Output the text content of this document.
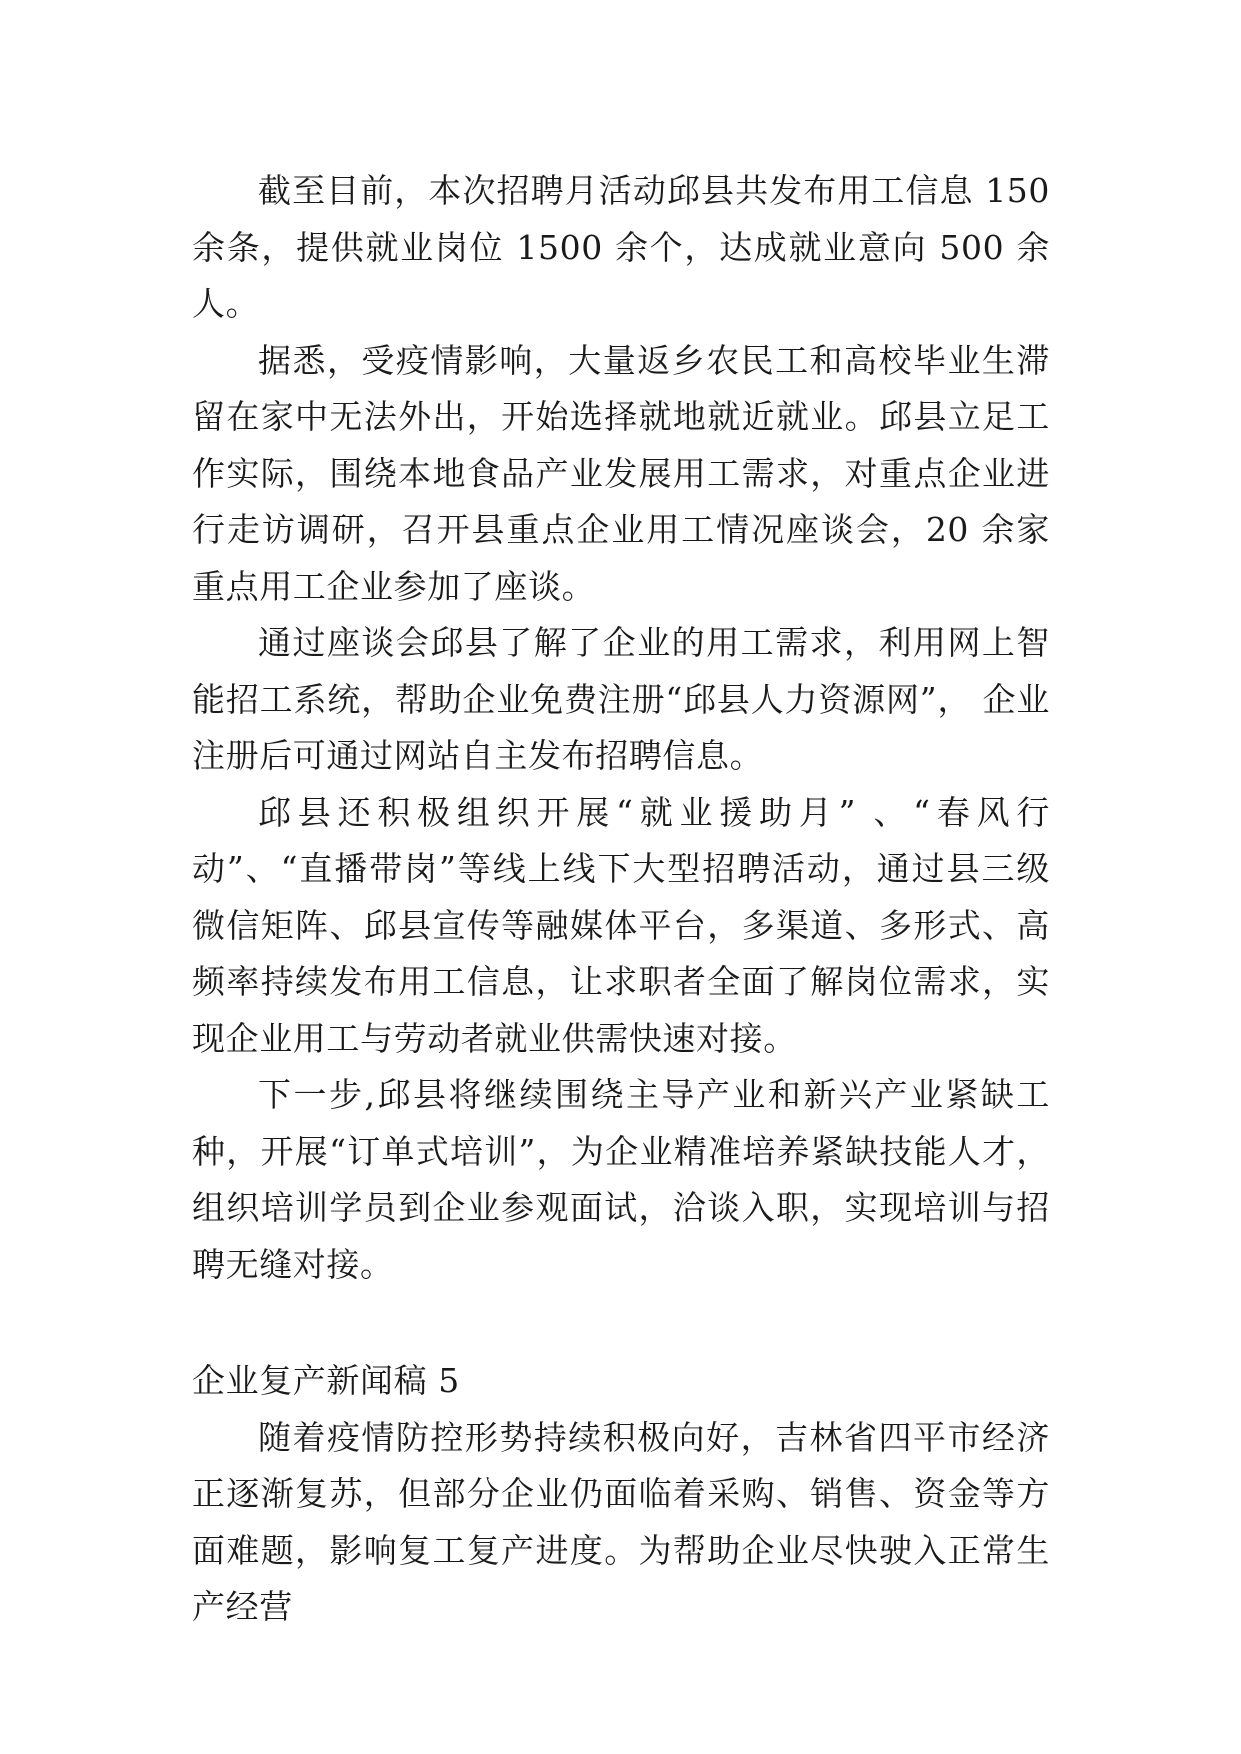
截至目前，本次招聘月活动邱县共发布用工信息 150 余条，提供就业岗位 1500 余个，达成就业意向 500 余人。

据悉，受疫情影响，大量返乡农民工和高校毕业生滞留在家中无法外出，开始选择就地就近就业。邱县立足工作实际，围绕本地食品产业发展用工需求，对重点企业进行走访调研，召开县重点企业用工情况座谈会，20 余家重点用工企业参加了座谈。

通过座谈会邱县了解了企业的用工需求，利用网上智能招工系统，帮助企业免费注册“邱县人力资源网”， 企业注册后可通过网站自主发布招聘信息。

邱县还积极组织开展“就业援助月” 、“春风行动”、“直播带岗”等线上线下大型招聘活动，通过县三级微信矩阵、邱县宣传等融媒体平台，多渠道、多形式、高频率持续发布用工信息，让求职者全面了解岗位需求，实现企业用工与劳动者就业供需快速对接。

下一步,邱县将继续围绕主导产业和新兴产业紧缺工种，开展“订单式培训”，为企业精准培养紧缺技能人才，组织培训学员到企业参观面试，洽谈入职，实现培训与招聘无缝对接。

企业复产新闻稿 5

随着疫情防控形势持续积极向好，吉林省四平市经济正逐渐复苏，但部分企业仍面临着采购、销售、资金等方面难题，影响复工复产进度。为帮助企业尽快驶入正常生产经营
